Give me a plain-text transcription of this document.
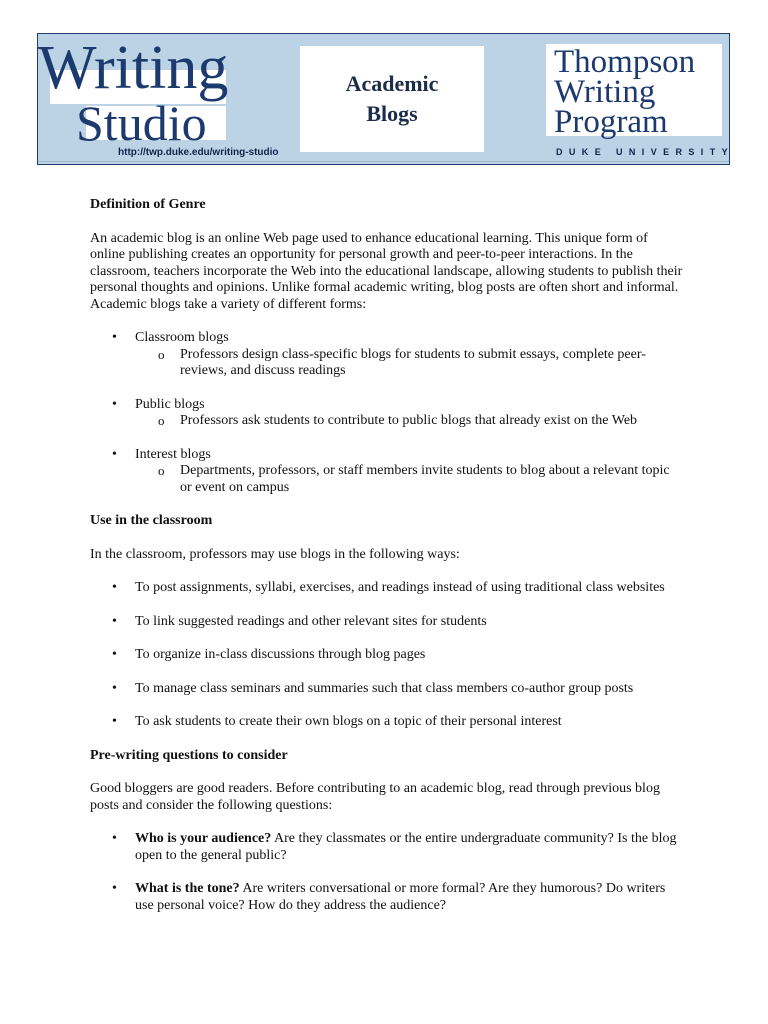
Writing
Studio
http://twp.duke.edu/writing-studio
Academic
Blogs
Thompson
Writing
Program
DUKE UNIVERSITY
Definition of Genre

An academic blog is an online Web page used to enhance educational learning. This unique form of
online publishing creates an opportunity for personal growth and peer-to-peer interactions. In the
classroom, teachers incorporate the Web into the educational landscape, allowing students to publish their
personal thoughts and opinions. Unlike formal academic writing, blog posts are often short and informal.
Academic blogs take a variety of different forms:

• Classroom blogs
o Professors design class-specific blogs for students to submit essays, complete peer-
reviews, and discuss readings
• Public blogs
o Professors ask students to contribute to public blogs that already exist on the Web
• Interest blogs
o Departments, professors, or staff members invite students to blog about a relevant topic
or event on campus
Use in the classroom

In the classroom, professors may use blogs in the following ways:

• To post assignments, syllabi, exercises, and readings instead of using traditional class websites
• To link suggested readings and other relevant sites for students
• To organize in-class discussions through blog pages
• To manage class seminars and summaries such that class members co-author group posts
• To ask students to create their own blogs on a topic of their personal interest
Pre-writing questions to consider

Good bloggers are good readers. Before contributing to an academic blog, read through previous blog
posts and consider the following questions:

• Who is your audience? Are they classmates or the entire undergraduate community? Is the blog
open to the general public?
• What is the tone? Are writers conversational or more formal? Are they humorous? Do writers
use personal voice? How do they address the audience?
